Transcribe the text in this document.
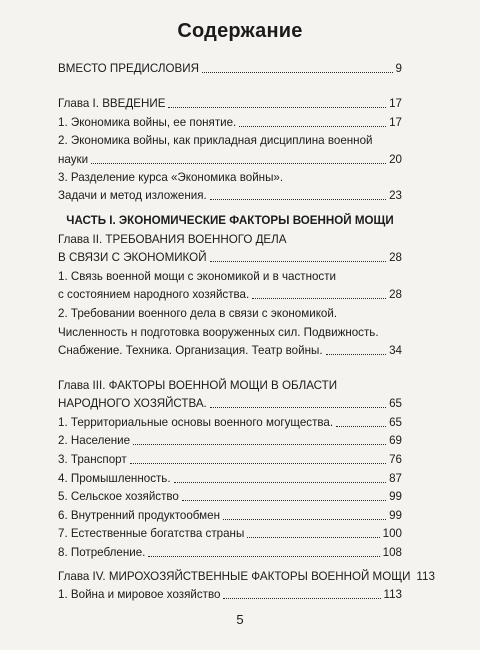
Содержание
ВМЕСТО ПРЕДИСЛОВИЯ	9
Глава I. ВВЕДЕНИЕ	17
1. Экономика войны, ее понятие.	17
2. Экономика войны, как прикладная дисциплина военной
науки	20
3. Разделение курса «Экономика войны».
Задачи и метод изложения.	23
ЧАСТЬ I. ЭКОНОМИЧЕСКИЕ ФАКТОРЫ ВОЕННОЙ МОЩИ
Глава II. ТРЕБОВАНИЯ ВОЕННОГО ДЕЛА
В СВЯЗИ С ЭКОНОМИКОЙ	28
1. Связь военной мощи с экономикой и в частности
с состоянием народного хозяйства.	28
2. Требовании военного дела в связи с экономикой.
Численность н подготовка вооруженных сил. Подвижность.
Снабжение. Техника. Организация. Театр войны.	34
Глава III. ФАКТОРЫ ВОЕННОЙ МОЩИ В ОБЛАСТИ
НАРОДНОГО ХОЗЯЙСТВА.	65
1. Территориальные основы военного могущества.	65
2. Население	69
3. Транспорт	76
4. Промышленность.	87
5. Сельское хозяйство	99
6. Внутренний продуктообмен	99
7. Естественные богатства страны	100
8. Потребление.	108
Глава IV. МИРОХОЗЯЙСТВЕННЫЕ ФАКТОРЫ ВОЕННОЙ МОЩИ 113
1. Война и мировое хозяйство	113
5
